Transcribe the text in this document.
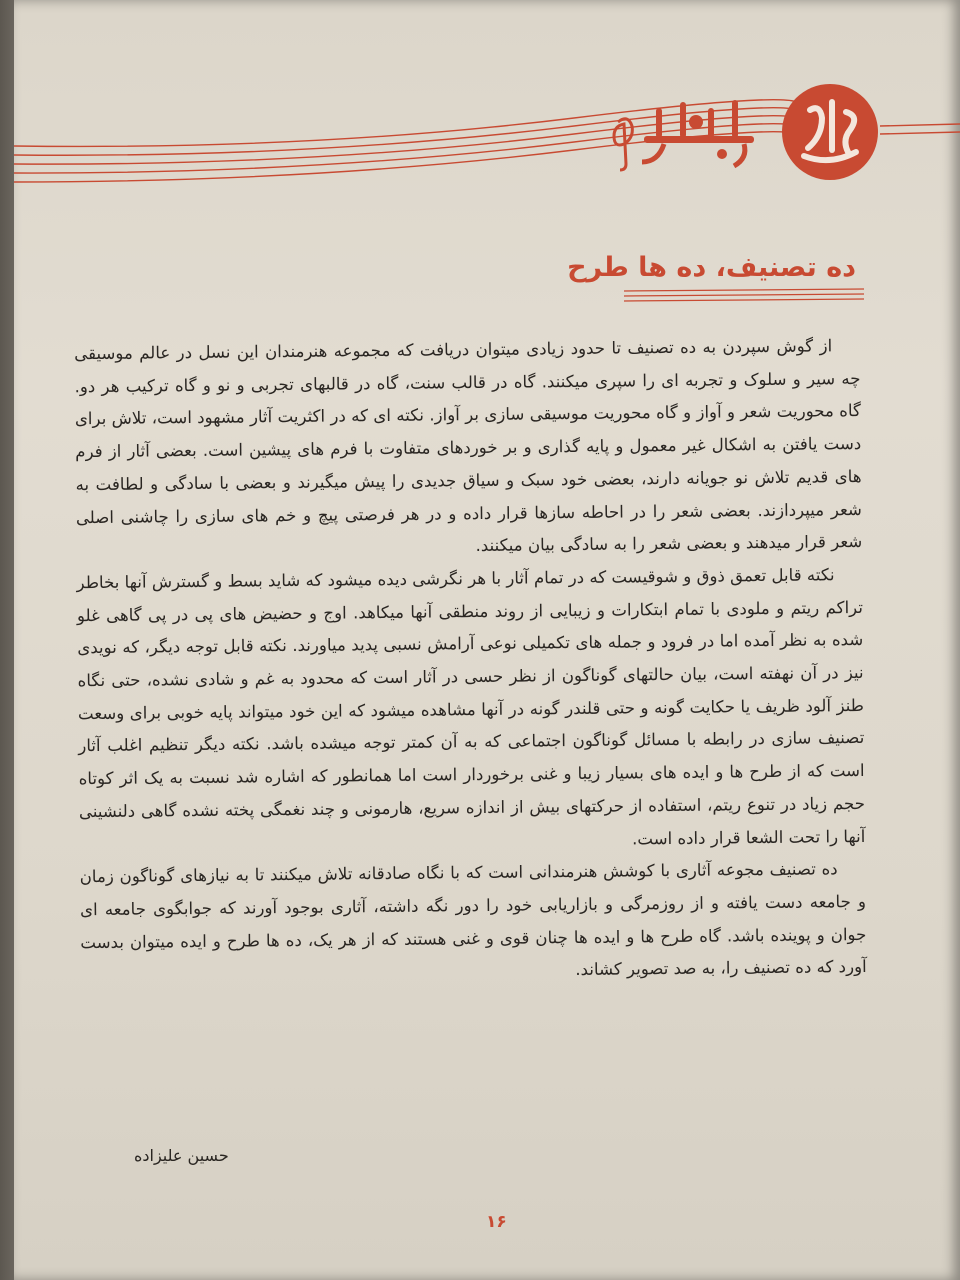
ده تصنیف، ده ها طرح

از گوش سپردن به ده تصنیف تا حدود زیادی میتوان دریافت که مجموعه هنرمندان این نسل در عالم موسیقی چه سیر و سلوک و تجربه ای را سپری میکنند. گاه در قالب سنت، گاه در قالبهای تجربی و نو و گاه ترکیب هر دو. گاه محوریت شعر و آواز و گاه محوریت موسیقی سازی بر آواز. نکته ای که در اکثریت آثار مشهود است، تلاش برای دست یافتن به اشکال غیر معمول و پایه گذاری و بر خوردهای متفاوت با فرم های پیشین است. بعضی آثار از فرم های قدیم تلاش نو جویانه دارند، بعضی خود سبک و سیاق جدیدی را پیش میگیرند و بعضی با سادگی و لطافت به شعر میپردازند. بعضی شعر را در احاطه سازها قرار داده و در هر فرصتی پیچ و خم های سازی را چاشنی اصلی شعر قرار میدهند و بعضی شعر را به سادگی بیان میکنند.

نکته قابل تعمق ذوق و شوقیست که در تمام آثار با هر نگرشی دیده میشود که شاید بسط و گسترش آنها بخاطر تراکم ریتم و ملودی با تمام ابتکارات و زیبایی از روند منطقی آنها میکاهد. اوج و حضیض های پی در پی گاهی غلو شده به نظر آمده اما در فرود و جمله های تکمیلی نوعی آرامش نسبی پدید میاورند. نکته قابل توجه دیگر، که نویدی نیز در آن نهفته است، بیان حالتهای گوناگون از نظر حسی در آثار است که محدود به غم و شادی نشده، حتی نگاه طنز آلود ظریف یا حکایت گونه و حتی قلندر گونه در آنها مشاهده میشود که این خود میتواند پایه خوبی برای وسعت تصنیف سازی در رابطه با مسائل گوناگون اجتماعی که به آن کمتر توجه میشده باشد. نکته دیگر تنظیم اغلب آثار است که از طرح ها و ایده های بسیار زیبا و غنی برخوردار است اما همانطور که اشاره شد نسبت به یک اثر کوتاه حجم زیاد در تنوع ریتم، استفاده از حرکتهای بیش از اندازه سریع، هارمونی و چند نغمگی پخته نشده گاهی دلنشینی آنها را تحت الشعا قرار داده است.

ده تصنیف مجوعه آثاری با کوشش هنرمندانی است که با نگاه صادقانه تلاش میکنند تا به نیازهای گوناگون زمان و جامعه دست یافته و از روزمرگی و بازاریابی خود را دور نگه داشته، آثاری بوجود آورند که جوابگوی جامعه ای جوان و پوینده باشد. گاه طرح ها و ایده ها چنان قوی و غنی هستند که از هر یک، ده ها طرح و ایده میتوان بدست آورد که ده تصنیف را، به صد تصویر کشاند.

حسین علیزاده

۱۶
